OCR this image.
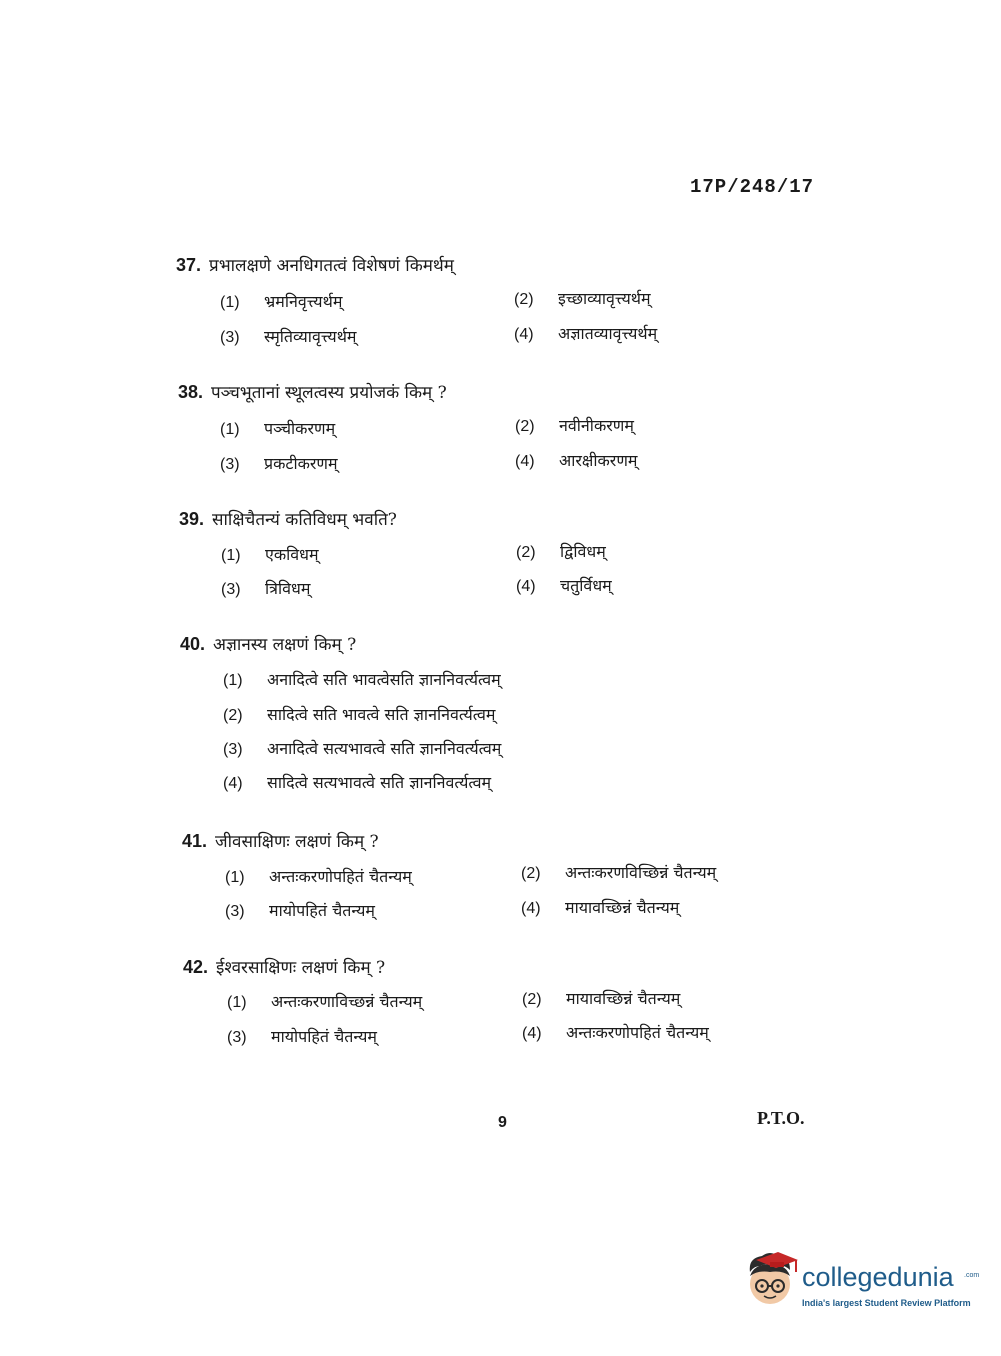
17P/248/17
37. प्रभालक्षणे अनधिगतत्वं विशेषणं किमर्थम्
(1) भ्रमनिवृत्त्यर्थम्	(2) इच्छाव्यावृत्त्यर्थम्
(3) स्मृतिव्यावृत्त्यर्थम्	(4) अज्ञातव्यावृत्त्यर्थम्
38. पञ्चभूतानां स्थूलत्वस्य प्रयोजकं किम् ?
(1) पञ्चीकरणम्	(2) नवीनीकरणम्
(3) प्रकटीकरणम्	(4) आरक्षीकरणम्
39. साक्षिचैतन्यं कतिविधम् भवति?
(1) एकविधम्	(2) द्विविधम्
(3) त्रिविधम्	(4) चतुर्विधम्
40. अज्ञानस्य लक्षणं किम् ?
(1) अनादित्वे सति भावत्वेसति ज्ञाननिवर्त्यत्वम्
(2) सादित्वे सति भावत्वे सति ज्ञाननिवर्त्यत्वम्
(3) अनादित्वे सत्यभावत्वे सति ज्ञाननिवर्त्यत्वम्
(4) सादित्वे सत्यभावत्वे सति ज्ञाननिवर्त्यत्वम्
41. जीवसाक्षिणः लक्षणं किम् ?
(1) अन्तःकरणोपहितं चैतन्यम्	(2) अन्तःकरणविच्छिन्नं चैतन्यम्
(3) मायोपहितं चैतन्यम्	(4) मायावच्छिन्नं चैतन्यम्
42. ईश्वरसाक्षिणः लक्षणं किम् ?
(1) अन्तःकरणाविच्छन्नं चैतन्यम्	(2) मायावच्छिन्नं चैतन्यम्
(3) मायोपहितं चैतन्यम्	(4) अन्तःकरणोपहितं चैतन्यम्
9	P.T.O.
collegedunia .com
India's largest Student Review Platform
